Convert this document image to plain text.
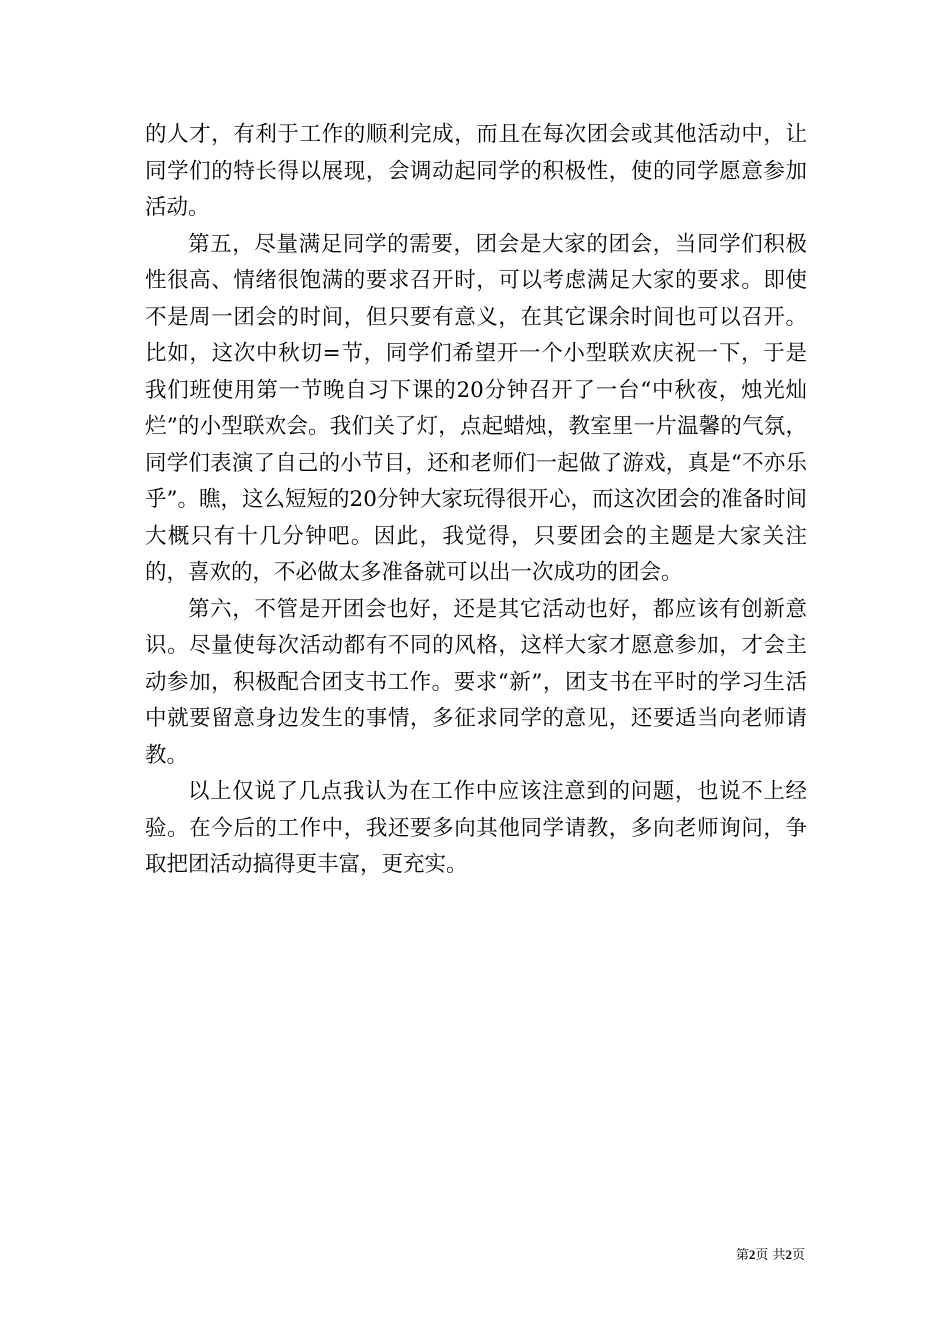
的人才，有利于工作的顺利完成，而且在每次团会或其他活动中，让同学们的特长得以展现，会调动起同学的积极性，使的同学愿意参加活动。

第五，尽量满足同学的需要，团会是大家的团会，当同学们积极性很高、情绪很饱满的要求召开时，可以考虑满足大家的要求。即使不是周一团会的时间，但只要有意义，在其它课余时间也可以召开。比如，这次中秋切=节，同学们希望开一个小型联欢庆祝一下，于是我们班使用第一节晚自习下课的20分钟召开了一台“中秋夜，烛光灿烂”的小型联欢会。我们关了灯，点起蜡烛，教室里一片温馨的气氛，同学们表演了自己的小节目，还和老师们一起做了游戏，真是“不亦乐乎”。瞧，这么短短的20分钟大家玩得很开心，而这次团会的准备时间大概只有十几分钟吧。因此，我觉得，只要团会的主题是大家关注的，喜欢的，不必做太多准备就可以出一次成功的团会。

第六，不管是开团会也好，还是其它活动也好，都应该有创新意识。尽量使每次活动都有不同的风格，这样大家才愿意参加，才会主动参加，积极配合团支书工作。要求“新”，团支书在平时的学习生活中就要留意身边发生的事情，多征求同学的意见，还要适当向老师请教。

以上仅说了几点我认为在工作中应该注意到的问题，也说不上经验。在今后的工作中，我还要多向其他同学请教，多向老师询问，争取把团活动搞得更丰富，更充实。

第2页 共2页
